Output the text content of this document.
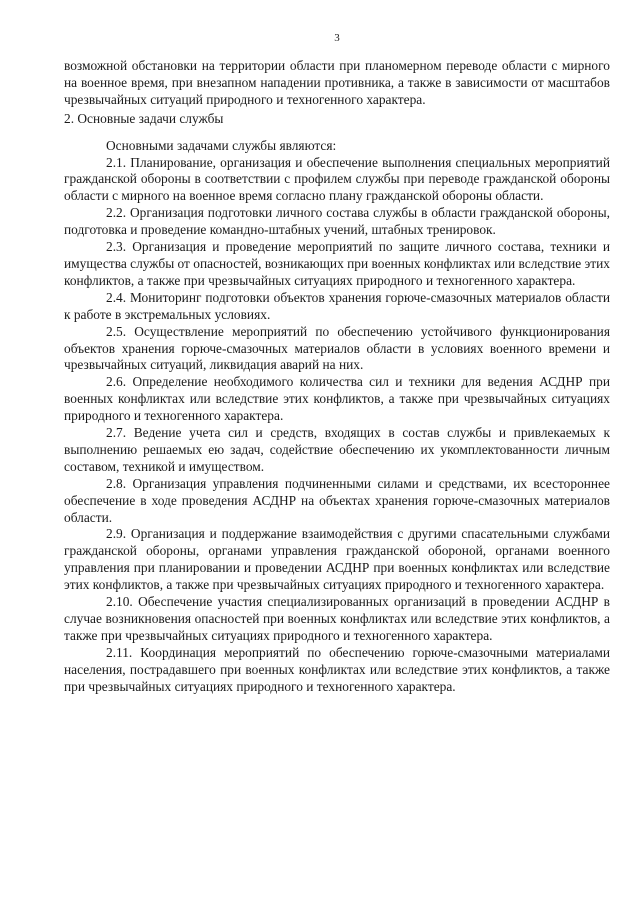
3

возможной обстановки на территории области при планомерном переводе области с мирного на военное время, при внезапном нападении противника, а также в зависимости от масштабов чрезвычайных ситуаций природного и техногенного характера.

2. Основные задачи службы

Основными задачами службы являются:

2.1. Планирование, организация и обеспечение выполнения специальных мероприятий гражданской обороны в соответствии с профилем службы при переводе гражданской обороны области с мирного на военное время согласно плану гражданской обороны области.

2.2. Организация подготовки личного состава службы в области гражданской обороны, подготовка и проведение командно-штабных учений, штабных тренировок.

2.3. Организация и проведение мероприятий по защите личного состава, техники и имущества службы от опасностей, возникающих при военных конфликтах или вследствие этих конфликтов, а также при чрезвычайных ситуациях природного и техногенного характера.

2.4. Мониторинг подготовки объектов хранения горюче-смазочных материалов области к работе в экстремальных условиях.

2.5. Осуществление мероприятий по обеспечению устойчивого функционирования объектов хранения горюче-смазочных материалов области в условиях военного времени и чрезвычайных ситуаций, ликвидация аварий на них.

2.6. Определение необходимого количества сил и техники для ведения АСДНР при военных конфликтах или вследствие этих конфликтов, а также при чрезвычайных ситуациях природного и техногенного характера.

2.7. Ведение учета сил и средств, входящих в состав службы и привлекаемых к выполнению решаемых ею задач, содействие обеспечению их укомплектованности личным составом, техникой и имуществом.

2.8. Организация управления подчиненными силами и средствами, их всестороннее обеспечение в ходе проведения АСДНР на объектах хранения горюче-смазочных материалов области.

2.9. Организация и поддержание взаимодействия с другими спасательными службами гражданской обороны, органами управления гражданской обороной, органами военного управления при планировании и проведении АСДНР при военных конфликтах или вследствие этих конфликтов, а также при чрезвычайных ситуациях природного и техногенного характера.

2.10. Обеспечение участия специализированных организаций в проведении АСДНР в случае возникновения опасностей при военных конфликтах или вследствие этих конфликтов, а также при чрезвычайных ситуациях природного и техногенного характера.

2.11. Координация мероприятий по обеспечению горюче-смазочными материалами населения, пострадавшего при военных конфликтах или вследствие этих конфликтов, а также при чрезвычайных ситуациях природного и техногенного характера.
